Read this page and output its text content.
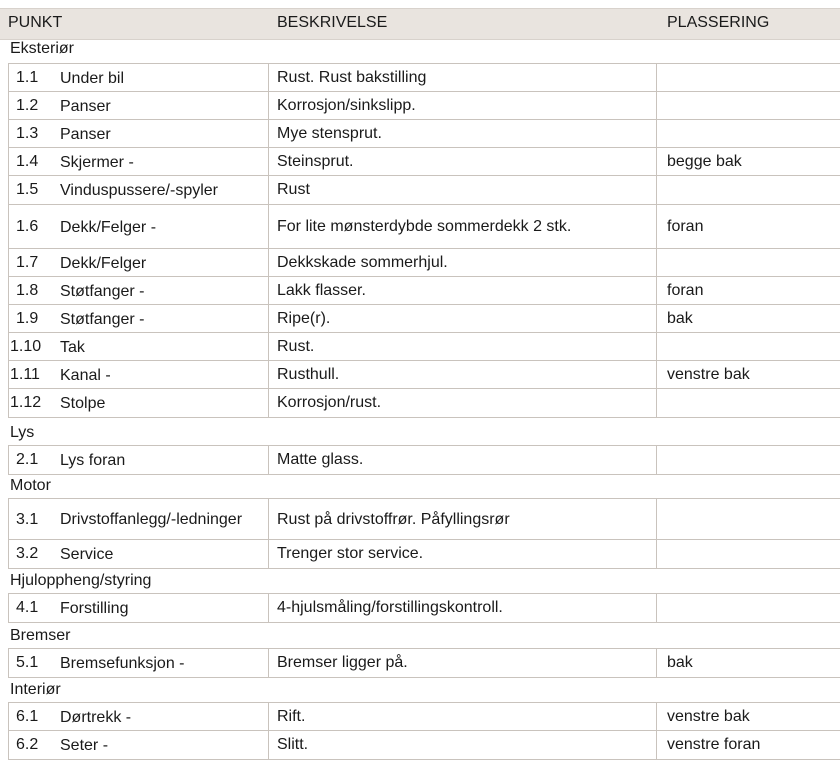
PUNKT	BESKRIVELSE	PLASSERING
Eksteriør
1.1 Under bil	Rust. Rust bakstilling
1.2 Panser	Korrosjon/sinkslipp.
1.3 Panser	Mye stensprut.
1.4 Skjermer -	Steinsprut.	begge bak
1.5 Vinduspussere/-spyler	Rust
1.6 Dekk/Felger -	For lite mønsterdybde sommerdekk 2 stk.	foran
1.7 Dekk/Felger	Dekkskade sommerhjul.
1.8 Støtfanger -	Lakk flasser.	foran
1.9 Støtfanger -	Ripe(r).	bak
1.10 Tak	Rust.
1.11 Kanal -	Rusthull.	venstre bak
1.12 Stolpe	Korrosjon/rust.
Lys
2.1 Lys foran	Matte glass.
Motor
3.1 Drivstoffanlegg/-ledninger	Rust på drivstoffrør. Påfyllingsrør
3.2 Service	Trenger stor service.
Hjuloppheng/styring
4.1 Forstilling	4-hjulsmåling/forstillingskontroll.
Bremser
5.1 Bremsefunksjon -	Bremser ligger på.	bak
Interiør
6.1 Dørtrekk -	Rift.	venstre bak
6.2 Seter -	Slitt.	venstre foran
